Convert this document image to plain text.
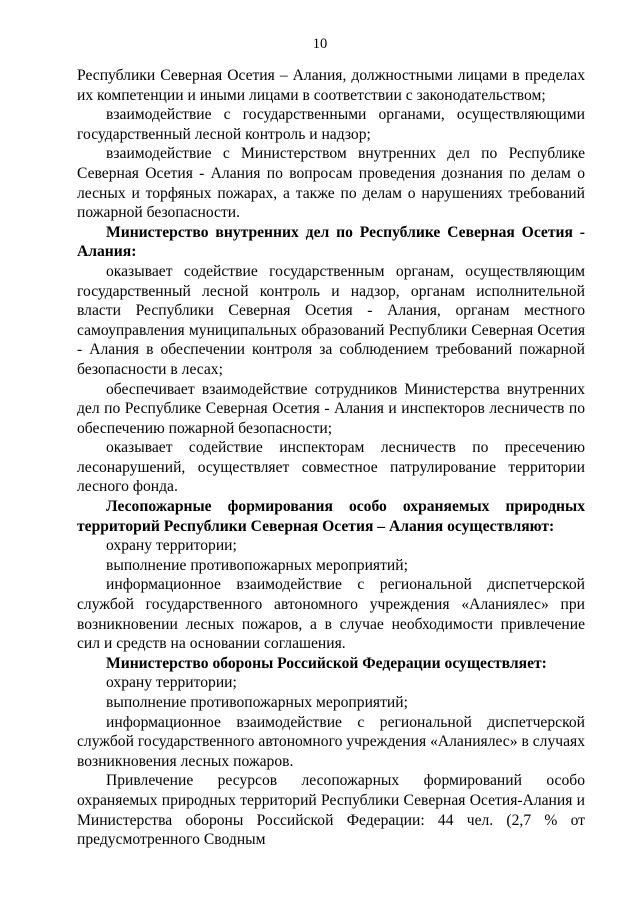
10

Республики Северная Осетия – Алания, должностными лицами в пределах их компетенции и иными лицами в соответствии с законодательством;

взаимодействие с государственными органами, осуществляющими государственный лесной контроль и надзор;

взаимодействие с Министерством внутренних дел по Республике Северная Осетия - Алания по вопросам проведения дознания по делам о лесных и торфяных пожарах, а также по делам о нарушениях требований пожарной безопасности.

Министерство внутренних дел по Республике Северная Осетия - Алания:

оказывает содействие государственным органам, осуществляющим государственный лесной контроль и надзор, органам исполнительной власти Республики Северная Осетия - Алания, органам местного самоуправления муниципальных образований Республики Северная Осетия - Алания в обеспечении контроля за соблюдением требований пожарной безопасности в лесах;

обеспечивает взаимодействие сотрудников Министерства внутренних дел по Республике Северная Осетия - Алания и инспекторов лесничеств по обеспечению пожарной безопасности;

оказывает содействие инспекторам лесничеств по пресечению лесонарушений, осуществляет совместное патрулирование территории лесного фонда.

Лесопожарные формирования особо охраняемых природных территорий Республики Северная Осетия – Алания осуществляют:

охрану территории;

выполнение противопожарных мероприятий;

информационное взаимодействие с региональной диспетчерской службой государственного автономного учреждения «Аланиялес» при возникновении лесных пожаров, а в случае необходимости привлечение сил и средств на основании соглашения.

Министерство обороны Российской Федерации осуществляет:

охрану территории;

выполнение противопожарных мероприятий;

информационное взаимодействие с региональной диспетчерской службой государственного автономного учреждения «Аланиялес» в случаях возникновения лесных пожаров.

Привлечение ресурсов лесопожарных формирований особо охраняемых природных территорий Республики Северная Осетия-Алания и Министерства обороны Российской Федерации: 44 чел. (2,7 % от предусмотренного Сводным
